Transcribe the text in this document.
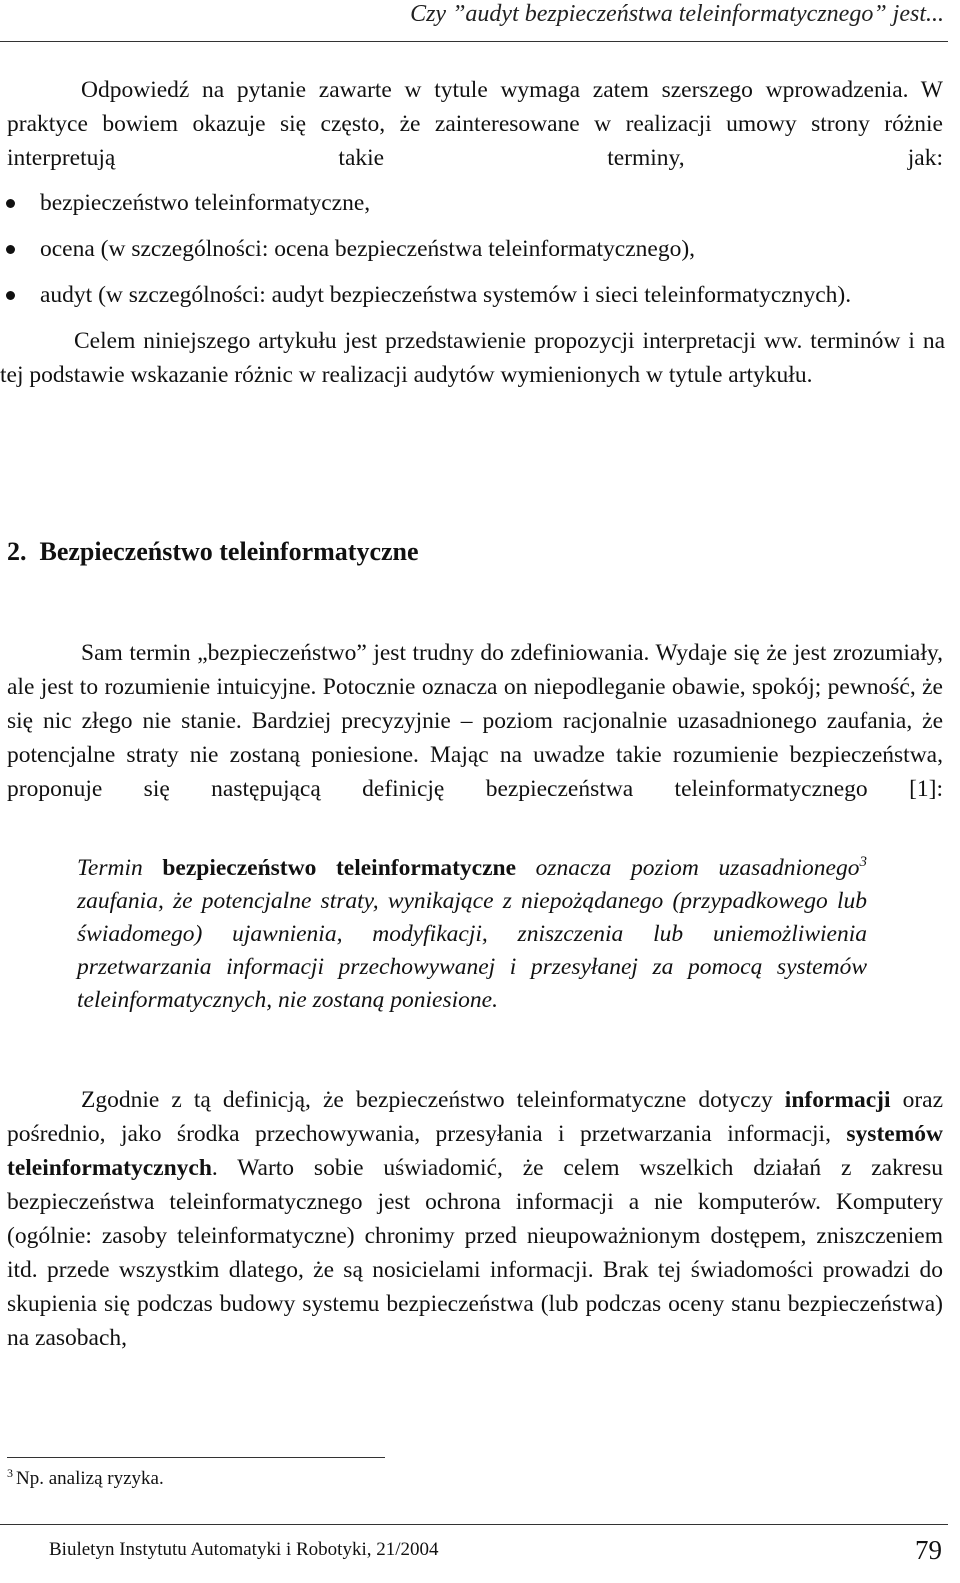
Czy ”audyt bezpieczeństwa teleinformatycznego” jest...

Odpowiedź na pytanie zawarte w tytule wymaga zatem szerszego wprowadzenia. W praktyce bowiem okazuje się często, że zainteresowane w realizacji umowy strony różnie interpretują takie terminy, jak:

bezpieczeństwo teleinformatyczne,
ocena (w szczególności: ocena bezpieczeństwa teleinformatycznego),
audyt (w szczególności: audyt bezpieczeństwa systemów i sieci teleinformatycznych).
Celem niniejszego artykułu jest przedstawienie propozycji interpretacji ww. terminów i na tej podstawie wskazanie różnic w realizacji audytów wymienionych w tytule artykułu.
2. Bezpieczeństwo teleinformatyczne

Sam termin „bezpieczeństwo” jest trudny do zdefiniowania. Wydaje się że jest zrozumiały, ale jest to rozumienie intuicyjne. Potocznie oznacza on niepodleganie obawie, spokój; pewność, że się nic złego nie stanie. Bardziej precyzyjnie – poziom racjonalnie uzasadnionego zaufania, że potencjalne straty nie zostaną poniesione. Mając na uwadze takie rozumienie bezpieczeństwa, proponuje się następującą definicję bezpieczeństwa teleinformatycznego [1]:

Termin bezpieczeństwo teleinformatyczne oznacza poziom uzasadnionego$^3$ zaufania, że potencjalne straty, wynikające z niepożądanego (przypadkowego lub świadomego) ujawnienia, modyfikacji, zniszczenia lub uniemożliwienia przetwarzania informacji przechowywanej i przesyłanej za pomocą systemów teleinformatycznych, nie zostaną poniesione.

Zgodnie z tą definicją, że bezpieczeństwo teleinformatyczne dotyczy informacji oraz pośrednio, jako środka przechowywania, przesyłania i przetwarzania informacji, systemów teleinformatycznych. Warto sobie uświadomić, że celem wszelkich działań z zakresu bezpieczeństwa teleinformatycznego jest ochrona informacji a nie komputerów. Komputery (ogólnie: zasoby teleinformatyczne) chronimy przed nieupoważnionym dostępem, zniszczeniem itd. przede wszystkim dlatego, że są nosicielami informacji. Brak tej świadomości prowadzi do skupienia się podczas budowy systemu bezpieczeństwa (lub podczas oceny stanu bezpieczeństwa) na zasobach,

$^3$ Np. analizą ryzyka.
Biuletyn Instytutu Automatyki i Robotyki, 21/2004	79
